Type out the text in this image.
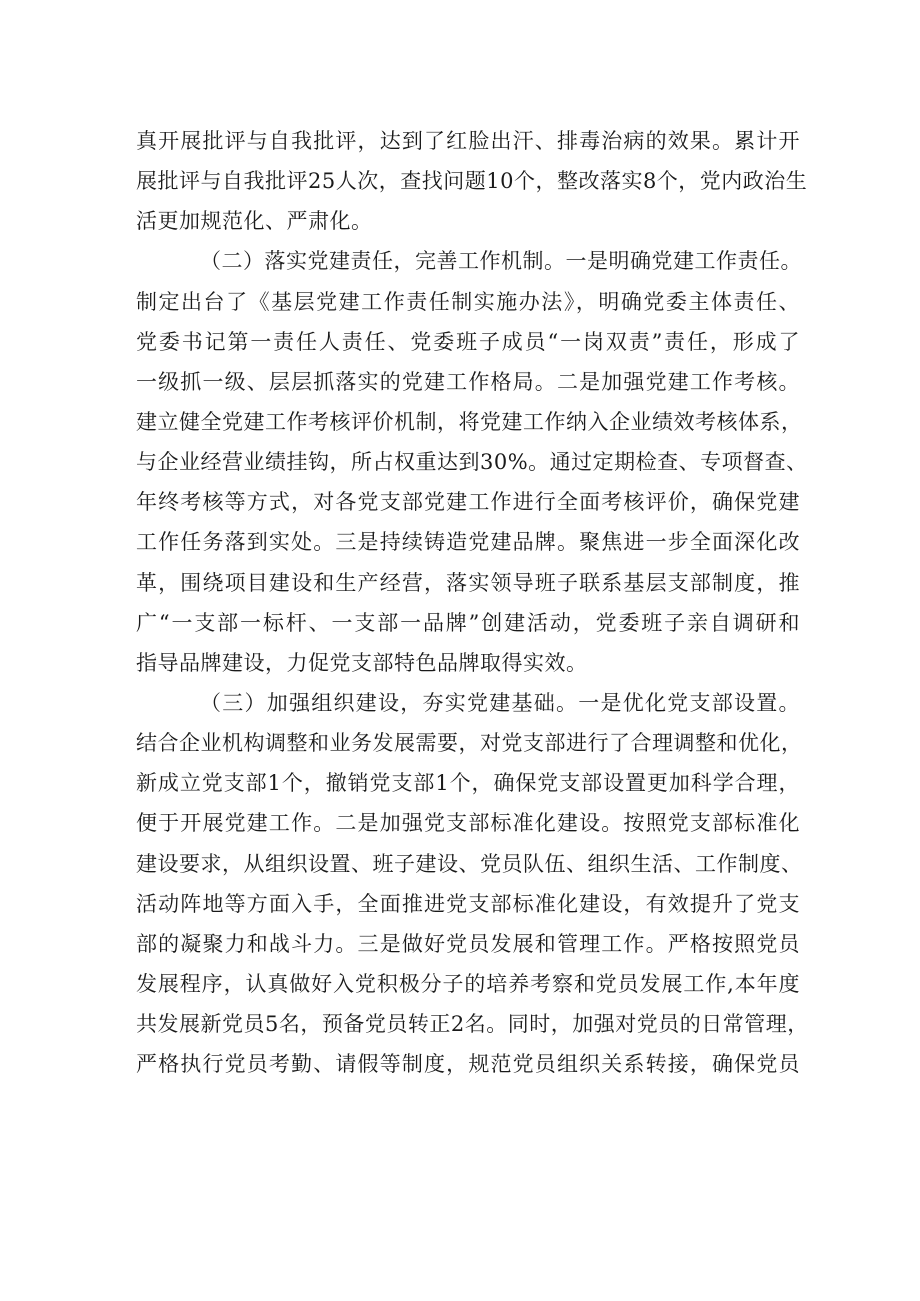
真开展批评与自我批评，达到了红脸出汗、排毒治病的效果。累计开
展批评与自我批评25人次，查找问题10个，整改落实8个，党内政治生
活更加规范化、严肃化。
（二）落实党建责任，完善工作机制。一是明确党建工作责任。
制定出台了《基层党建工作责任制实施办法》，明确党委主体责任、
党委书记第一责任人责任、党委班子成员“一岗双责”责任，形成了
一级抓一级、层层抓落实的党建工作格局。二是加强党建工作考核。
建立健全党建工作考核评价机制，将党建工作纳入企业绩效考核体系，
与企业经营业绩挂钩，所占权重达到30%。通过定期检查、专项督查、
年终考核等方式，对各党支部党建工作进行全面考核评价，确保党建
工作任务落到实处。三是持续铸造党建品牌。聚焦进一步全面深化改
革，围绕项目建设和生产经营，落实领导班子联系基层支部制度，推
广“一支部一标杆、一支部一品牌”创建活动，党委班子亲自调研和
指导品牌建设，力促党支部特色品牌取得实效。
（三）加强组织建设，夯实党建基础。一是优化党支部设置。
结合企业机构调整和业务发展需要，对党支部进行了合理调整和优化，
新成立党支部1个，撤销党支部1个，确保党支部设置更加科学合理，
便于开展党建工作。二是加强党支部标准化建设。按照党支部标准化
建设要求，从组织设置、班子建设、党员队伍、组织生活、工作制度、
活动阵地等方面入手，全面推进党支部标准化建设，有效提升了党支
部的凝聚力和战斗力。三是做好党员发展和管理工作。严格按照党员
发展程序，认真做好入党积极分子的培养考察和党员发展工作,本年度
共发展新党员5名，预备党员转正2名。同时，加强对党员的日常管理，
严格执行党员考勤、请假等制度，规范党员组织关系转接，确保党员
